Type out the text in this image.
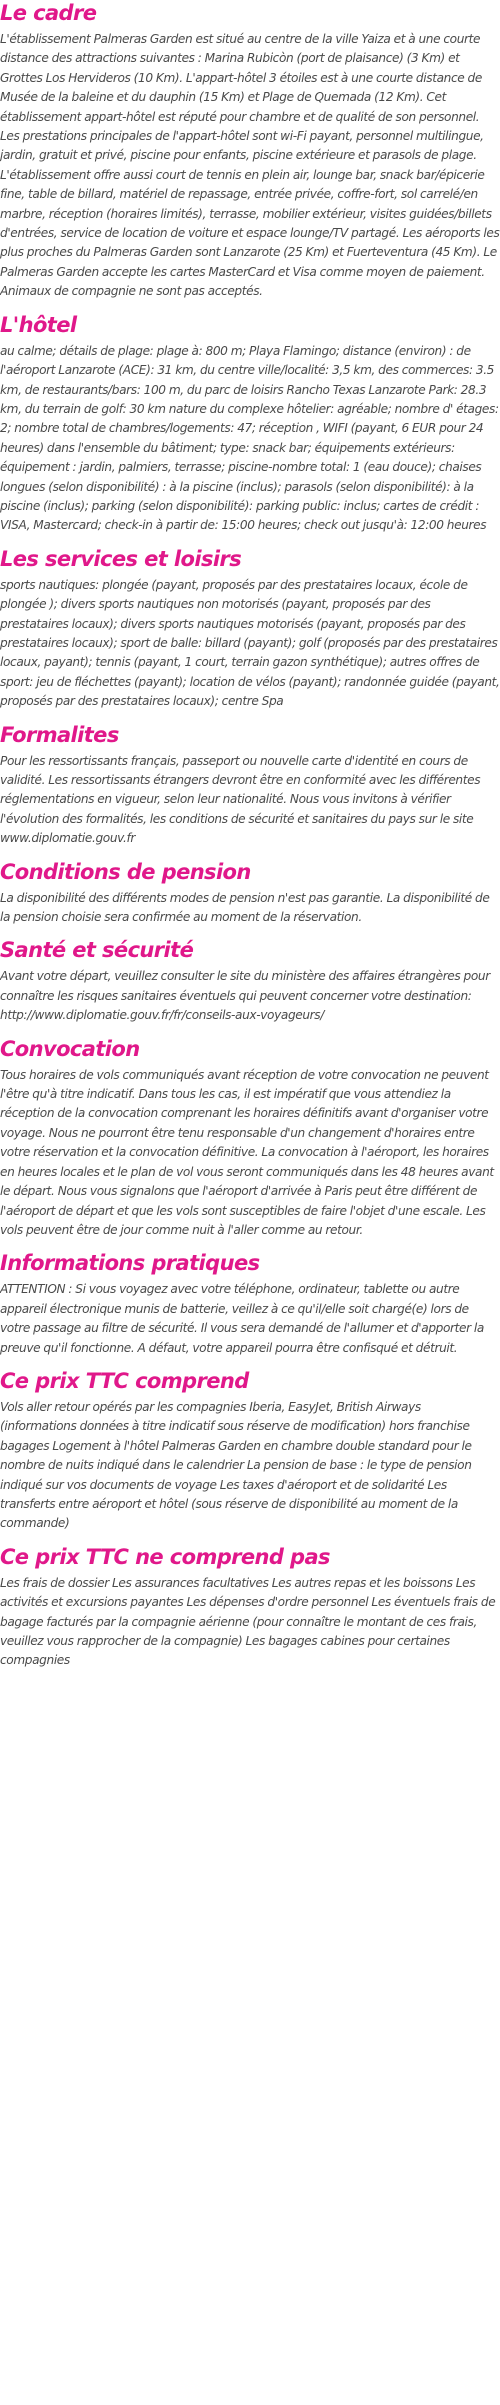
Le cadre

L'établissement Palmeras Garden est situé au centre de la ville Yaiza et à une courte distance des attractions suivantes : Marina Rubicòn (port de plaisance) (3 Km) et Grottes Los Hervideros (10 Km). L'appart-hôtel 3 étoiles est à une courte distance de Musée de la baleine et du dauphin (15 Km) et Plage de Quemada (12 Km). Cet établissement appart-hôtel est réputé pour chambre et de qualité de son personnel. Les prestations principales de l'appart-hôtel sont wi-Fi payant, personnel multilingue, jardin, gratuit et privé, piscine pour enfants, piscine extérieure et parasols de plage. L'établissement offre aussi court de tennis en plein air, lounge bar, snack bar/épicerie fine, table de billard, matériel de repassage, entrée privée, coffre-fort, sol carrelé/en marbre, réception (horaires limités), terrasse, mobilier extérieur, visites guidées/billets d'entrées, service de location de voiture et espace lounge/TV partagé. Les aéroports les plus proches du Palmeras Garden sont Lanzarote (25 Km) et Fuerteventura (45 Km). Le Palmeras Garden accepte les cartes MasterCard et Visa comme moyen de paiement. Animaux de compagnie ne sont pas acceptés.

L'hôtel

au calme; détails de plage: plage à: 800 m; Playa Flamingo; distance (environ) : de l'aéroport Lanzarote (ACE): 31 km, du centre ville/localité: 3,5 km, des commerces: 3.5 km, de restaurants/bars: 100 m, du parc de loisirs Rancho Texas Lanzarote Park: 28.3 km, du terrain de golf: 30 km nature du complexe hôtelier: agréable; nombre d' étages: 2; nombre total de chambres/logements: 47; réception , WIFI (payant, 6 EUR pour 24 heures) dans l'ensemble du bâtiment; type: snack bar; équipements extérieurs: équipement : jardin, palmiers, terrasse; piscine-nombre total: 1 (eau douce); chaises longues (selon disponibilité) : à la piscine (inclus); parasols (selon disponibilité): à la piscine (inclus); parking (selon disponibilité): parking public: inclus; cartes de crédit : VISA, Mastercard; check-in à partir de: 15:00 heures; check out jusqu'à: 12:00 heures

Les services et loisirs

sports nautiques: plongée (payant, proposés par des prestataires locaux, école de plongée ); divers sports nautiques non motorisés (payant, proposés par des prestataires locaux); divers sports nautiques motorisés (payant, proposés par des prestataires locaux); sport de balle: billard (payant); golf (proposés par des prestataires locaux, payant); tennis (payant, 1 court, terrain gazon synthétique); autres offres de sport: jeu de fléchettes (payant); location de vélos (payant); randonnée guidée (payant, proposés par des prestataires locaux); centre Spa

Formalites

Pour les ressortissants français, passeport ou nouvelle carte d'identité en cours de validité. Les ressortissants étrangers devront être en conformité avec les différentes réglementations en vigueur, selon leur nationalité. Nous vous invitons à vérifier l'évolution des formalités, les conditions de sécurité et sanitaires du pays sur le site www.diplomatie.gouv.fr

Conditions de pension

La disponibilité des différents modes de pension n'est pas garantie. La disponibilité de la pension choisie sera confirmée au moment de la réservation.

Santé et sécurité

Avant votre départ, veuillez consulter le site du ministère des affaires étrangères pour connaître les risques sanitaires éventuels qui peuvent concerner votre destination: http://www.diplomatie.gouv.fr/fr/conseils-aux-voyageurs/

Convocation

Tous horaires de vols communiqués avant réception de votre convocation ne peuvent l'être qu'à titre indicatif. Dans tous les cas, il est impératif que vous attendiez la réception de la convocation comprenant les horaires définitifs avant d'organiser votre voyage. Nous ne pourront être tenu responsable d'un changement d'horaires entre votre réservation et la convocation définitive. La convocation à l'aéroport, les horaires en heures locales et le plan de vol vous seront communiqués dans les 48 heures avant le départ. Nous vous signalons que l'aéroport d'arrivée à Paris peut être différent de l'aéroport de départ et que les vols sont susceptibles de faire l'objet d'une escale. Les vols peuvent être de jour comme nuit à l'aller comme au retour.

Informations pratiques

ATTENTION : Si vous voyagez avec votre téléphone, ordinateur, tablette ou autre appareil électronique munis de batterie, veillez à ce qu'il/elle soit chargé(e) lors de votre passage au filtre de sécurité. Il vous sera demandé de l'allumer et d'apporter la preuve qu'il fonctionne. A défaut, votre appareil pourra être confisqué et détruit.

Ce prix TTC comprend

Vols aller retour opérés par les compagnies Iberia, EasyJet, British Airways (informations données à titre indicatif sous réserve de modification) hors franchise bagages Logement à l'hôtel Palmeras Garden en chambre double standard pour le nombre de nuits indiqué dans le calendrier La pension de base : le type de pension indiqué sur vos documents de voyage Les taxes d'aéroport et de solidarité Les transferts entre aéroport et hôtel (sous réserve de disponibilité au moment de la commande)

Ce prix TTC ne comprend pas

Les frais de dossier Les assurances facultatives Les autres repas et les boissons Les activités et excursions payantes Les dépenses d'ordre personnel Les éventuels frais de bagage facturés par la compagnie aérienne (pour connaître le montant de ces frais, veuillez vous rapprocher de la compagnie) Les bagages cabines pour certaines compagnies
